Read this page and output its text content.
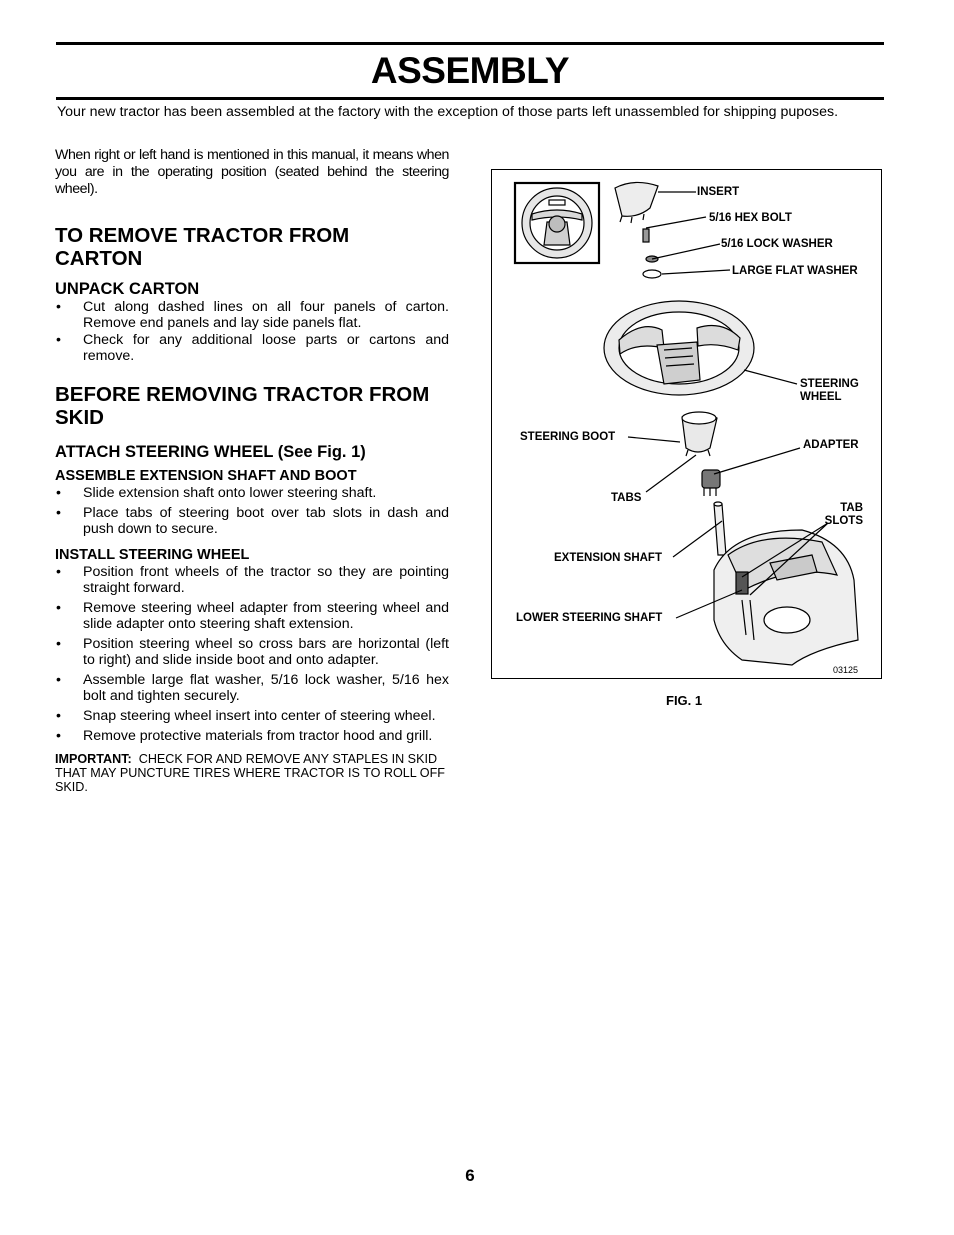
ASSEMBLY
Your new tractor has been assembled at the factory with the exception of those parts left unassembled for shipping puposes.

When right or left hand is mentioned in this manual, it means when you are in the operating position (seated behind the steering wheel).

TO REMOVE TRACTOR FROM
CARTON

UNPACK CARTON

• Cut along dashed lines on all four panels of carton. Remove end panels and lay side panels flat.
• Check for any additional loose parts or cartons and remove.

BEFORE REMOVING TRACTOR FROM
SKID

ATTACH STEERING WHEEL (See Fig. 1)

ASSEMBLE EXTENSION SHAFT AND BOOT

• Slide extension shaft onto lower steering shaft.
• Place tabs of steering boot over tab slots in dash and push down to secure.

INSTALL STEERING WHEEL

• Position front wheels of the tractor so they are pointing straight forward.
• Remove steering wheel adapter from steering wheel and slide adapter onto steering shaft extension.
• Position steering wheel so cross bars are horizontal (left to right) and slide inside boot and onto adapter.
• Assemble large flat washer, 5/16 lock washer, 5/16 hex bolt and tighten securely.
• Snap steering wheel insert into center of steering wheel.
• Remove protective materials from tractor hood and grill.

IMPORTANT: CHECK FOR AND REMOVE ANY STAPLES IN SKID THAT MAY PUNCTURE TIRES WHERE TRACTOR IS TO ROLL OFF SKID.

INSERT
5/16 HEX BOLT
5/16 LOCK WASHER
LARGE FLAT WASHER
STEERING
WHEEL
STEERING BOOT
ADAPTER
TABS
TAB
SLOTS
EXTENSION SHAFT
LOWER STEERING SHAFT
03125
FIG. 1
6
